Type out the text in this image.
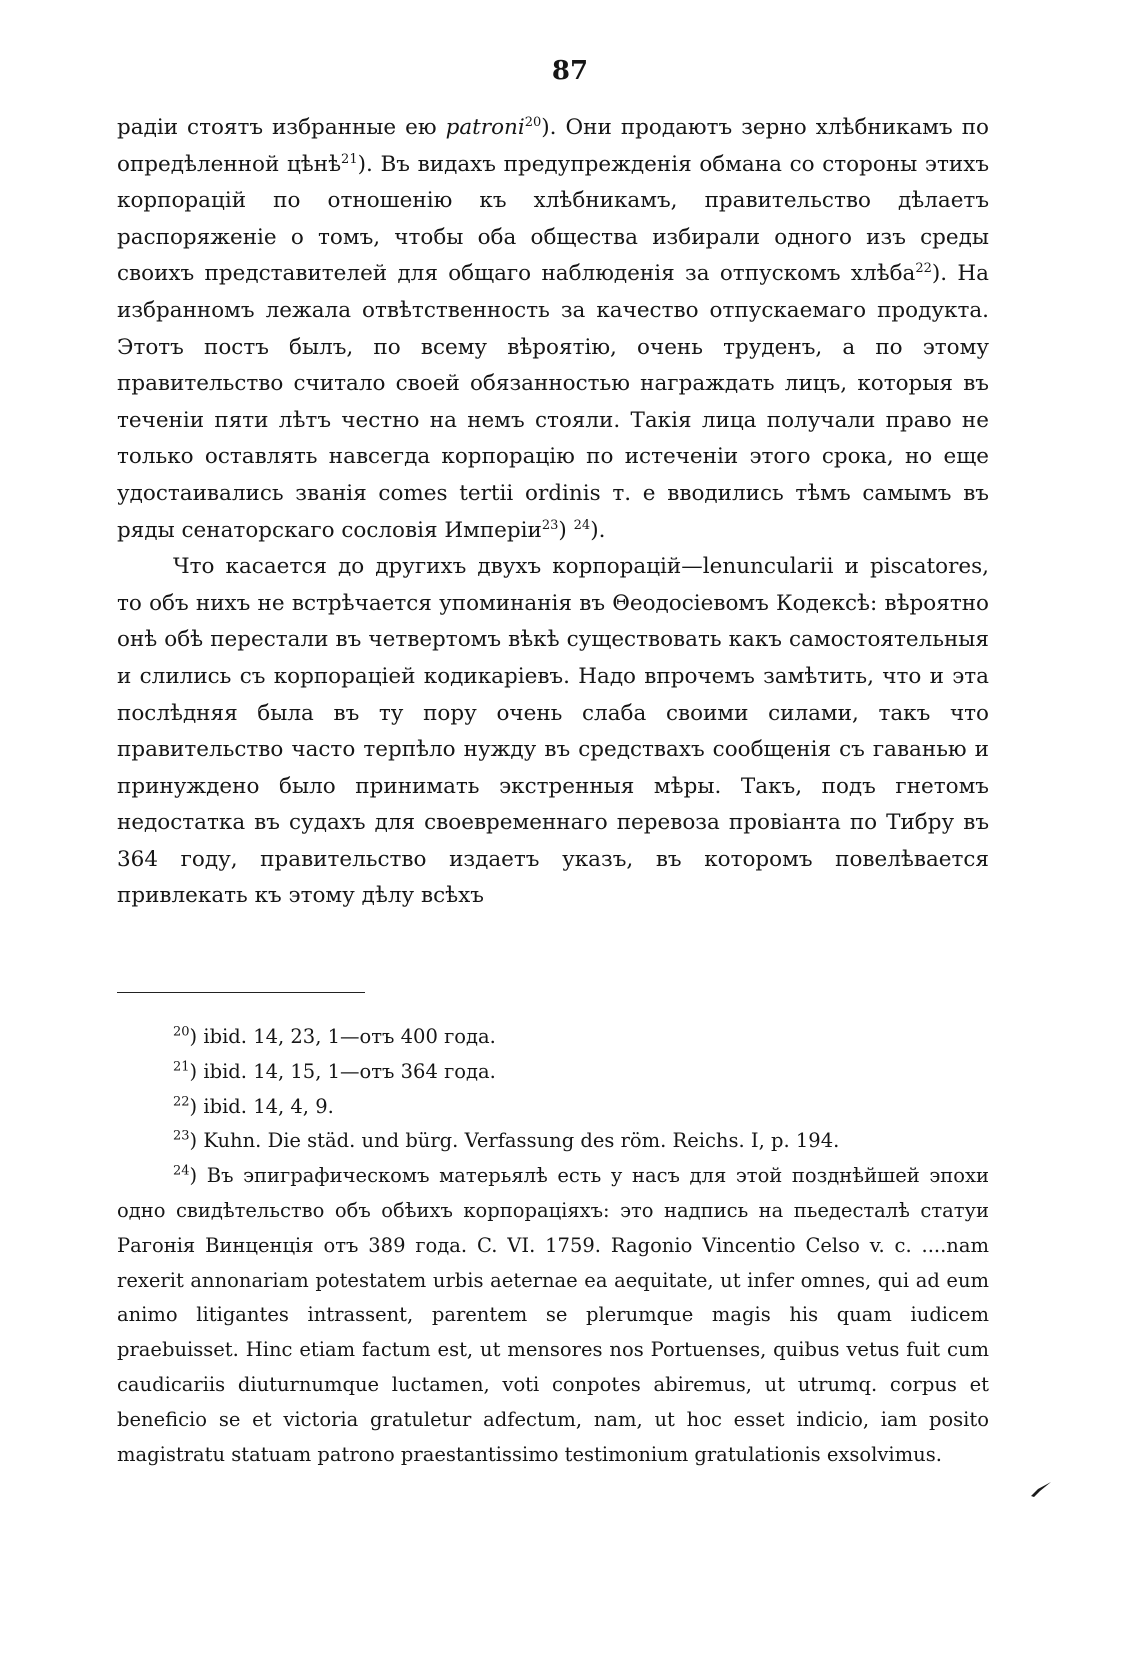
87

радіи стоятъ избранные ею patroni$^{20}$). Они продаютъ зерно хлѣбникамъ по опредѣленной цѣнѣ$^{21}$). Въ видахъ предупрежденія обмана со стороны этихъ корпорацій по отношенію къ хлѣбникамъ, правительство дѣлаетъ распоряженіе о томъ, чтобы оба общества избирали одного изъ среды своихъ представителей для общаго наблюденія за отпускомъ хлѣба$^{22}$). На избранномъ лежала отвѣтственность за качество отпускаемаго продукта. Этотъ постъ былъ, по всему вѣроятію, очень труденъ, а по этому правительство считало своей обязанностью награждать лицъ, которыя въ теченіи пяти лѣтъ честно на немъ стояли. Такія лица получали право не только оставлять навсегда корпорацію по истеченіи этого срока, но еще удостаивались званія comes tertii ordinis т. е вводились тѣмъ самымъ въ ряды сенаторскаго сословія Имперіи$^{23}$) $^{24}$).

Что касается до другихъ двухъ корпорацій—lenuncularii и piscatores, то объ нихъ не встрѣчается упоминанія въ Θеодосіевомъ Кодексѣ: вѣроятно онѣ обѣ перестали въ четвертомъ вѣкѣ существовать какъ самостоятельныя и слились съ корпораціей кодикаріевъ. Надо впрочемъ замѣтить, что и эта послѣдняя была въ ту пору очень слаба своими силами, такъ что правительство часто терпѣло нужду въ средствахъ сообщенія съ гаванью и принуждено было принимать экстренныя мѣры. Такъ, подъ гнетомъ недостатка въ судахъ для своевременнаго перевоза провіанта по Тибру въ 364 году, правительство издаетъ указъ, въ которомъ повелѣвается привлекать къ этому дѣлу всѣхъ

$^{20}$) ibid. 14, 23, 1—отъ 400 года.
$^{21}$) ibid. 14, 15, 1—отъ 364 года.
$^{22}$) ibid. 14, 4, 9.
$^{23}$) Kuhn. Die städ. und bürg. Verfassung des röm. Reichs. I, p. 194.
$^{24}$) Въ эпиграфическомъ матерьялѣ есть у насъ для этой позднѣйшей эпохи одно свидѣтельство объ обѣихъ корпораціяхъ: это надпись на пьедесталѣ статуи Рагонія Винценція отъ 389 года. C. VI. 1759. Ragonio Vincentio Celso v. c. ....nam rexerit annonariam potestatem urbis aeternae ea aequitate, ut infer omnes, qui ad eum animo litigantes intrassent, parentem se plerumque magis his quam iudicem praebuisset. Hinc etiam factum est, ut mensores nos Portuenses, quibus vetus fuit cum caudicariis diuturnumque luctamen, voti conpotes abiremus, ut utrumq. corpus et beneficio se et victoria gratuletur adfectum, nam, ut hoc esset indicio, iam posito magistratu statuam patrono praestantissimo testimonium gratulationis exsolvimus.
